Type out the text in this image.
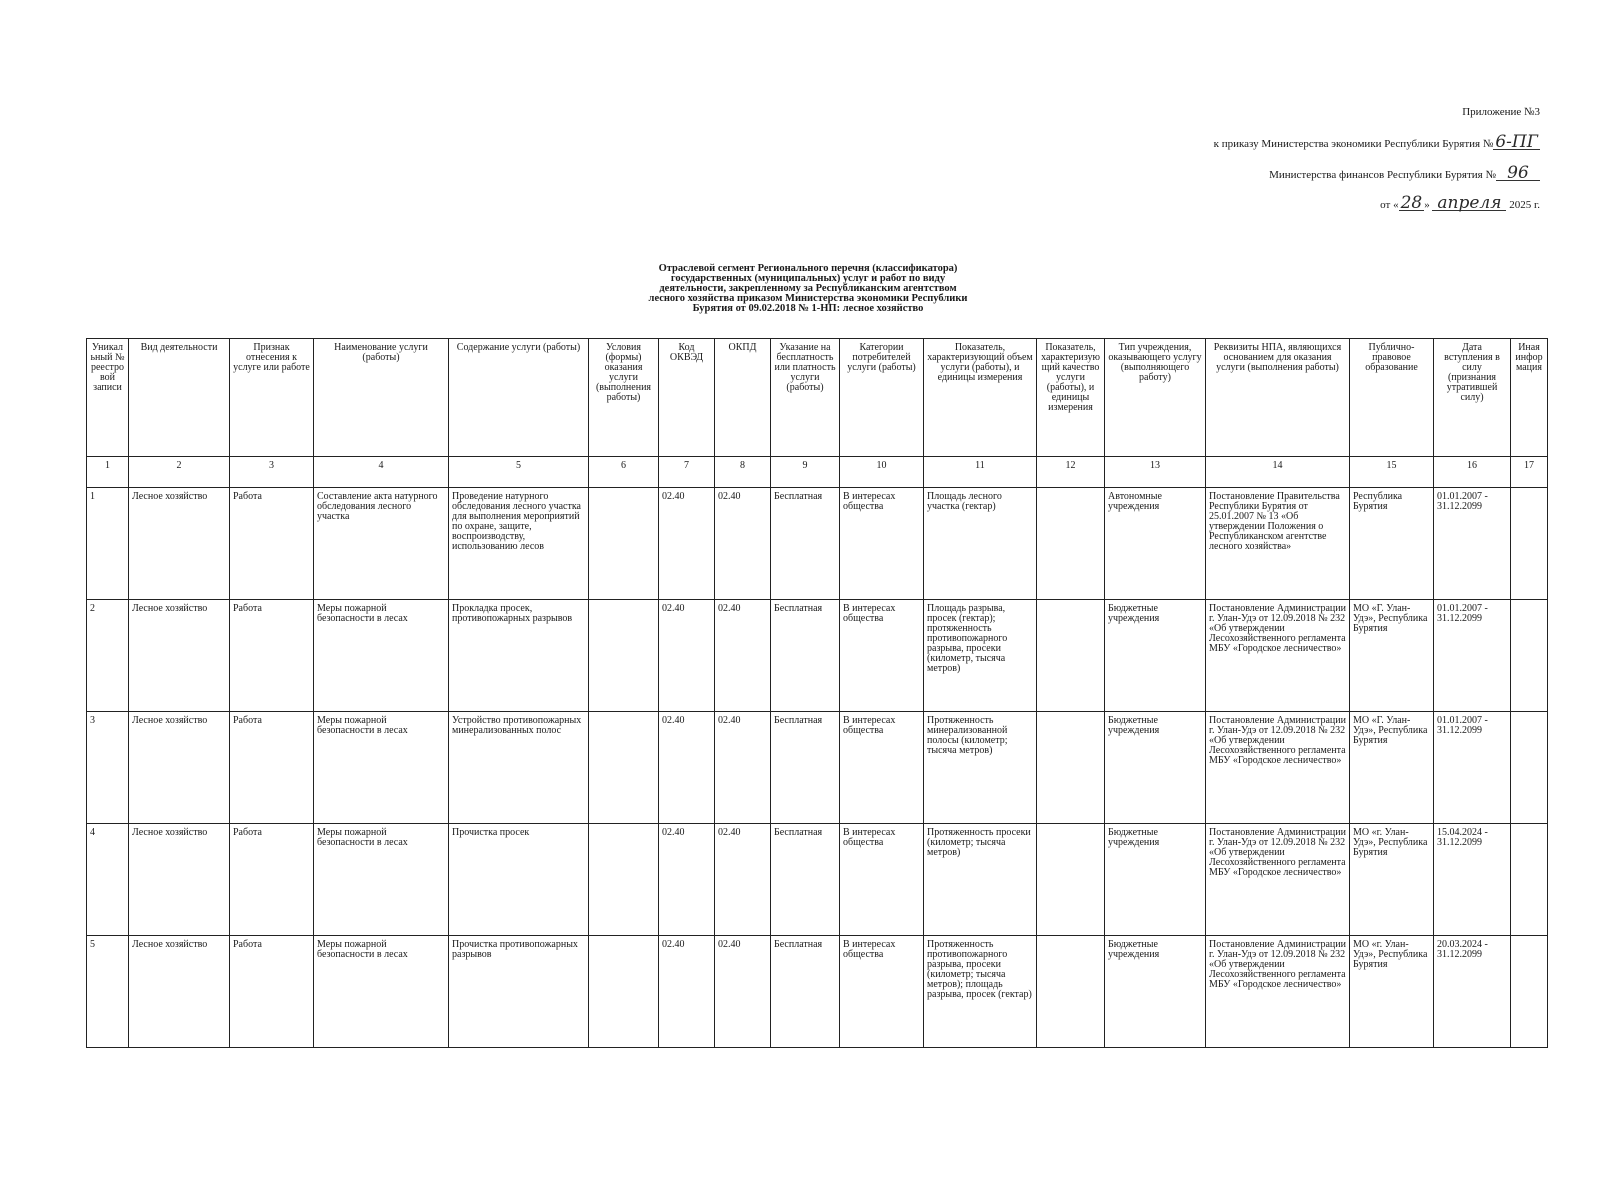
Приложение №3
к приказу Министерства экономики Республики Бурятия № 6-ПГ
Министерства финансов Республики Бурятия № 96
от « 28 » апреля 2025 г.
Отраслевой сегмент Регионального перечня (классификатора)
государственных (муниципальных) услуг и работ по виду
деятельности, закрепленному за Республиканским агентством
лесного хозяйства приказом Министерства экономики Республики
Бурятия от 09.02.2018 № 1-НП: лесное хозяйство
Уникальный № реестровой записи	Вид деятельности	Признак отнесения к услуге или работе	Наименование услуги (работы)	Содержание услуги (работы)	Условия (формы) оказания услуги (выполнения работы)	Код ОКВЭД	ОКПД	Указание на бесплатность или платность услуги (работы)	Категории потребителей услуги (работы)	Показатель, характеризующий объем услуги (работы), и единицы измерения	Показатель, характеризующий качество услуги (работы), и единицы измерения	Тип учреждения, оказывающего услугу (выполняющего работу)	Реквизиты НПА, являющихся основанием для оказания услуги (выполнения работы)	Публично-правовое образование	Дата вступления в силу (признания утратившей силу)	Иная информация
1	2	3	4	5	6	7	8	9	10	11	12	13	14	15	16	17
1	Лесное хозяйство	Работа	Составление акта натурного обследования лесного участка	Проведение натурного обследования лесного участка для выполнения мероприятий по охране, защите, воспроизводству, использованию лесов		02.40	02.40	Бесплатная	В интересах общества	Площадь лесного участка (гектар)		Автономные учреждения	Постановление Правительства Республики Бурятия от 25.01.2007 № 13 «Об утверждении Положения о Республиканском агентстве лесного хозяйства»	Республика Бурятия	01.01.2007 - 31.12.2099	
2	Лесное хозяйство	Работа	Меры пожарной безопасности в лесах	Прокладка просек, противопожарных разрывов		02.40	02.40	Бесплатная	В интересах общества	Площадь разрыва, просек (гектар); протяженность противопожарного разрыва, просеки (километр, тысяча метров)		Бюджетные учреждения	Постановление Администрации г. Улан-Удэ от 12.09.2018 № 232 «Об утверждении Лесохозяйственного регламента МБУ «Городское лесничество»	МО «Г. Улан-Удэ», Республика Бурятия	01.01.2007 - 31.12.2099	
3	Лесное хозяйство	Работа	Меры пожарной безопасности в лесах	Устройство противопожарных минерализованных полос		02.40	02.40	Бесплатная	В интересах общества	Протяженность минерализованной полосы (километр; тысяча метров)		Бюджетные учреждения	Постановление Администрации г. Улан-Удэ от 12.09.2018 № 232 «Об утверждении Лесохозяйственного регламента МБУ «Городское лесничество»	МО «Г. Улан-Удэ», Республика Бурятия	01.01.2007 - 31.12.2099	
4	Лесное хозяйство	Работа	Меры пожарной безопасности в лесах	Прочистка просек		02.40	02.40	Бесплатная	В интересах общества	Протяженность просеки (километр; тысяча метров)		Бюджетные учреждения	Постановление Администрации г. Улан-Удэ от 12.09.2018 № 232 «Об утверждении Лесохозяйственного регламента МБУ «Городское лесничество»	МО «г. Улан-Удэ», Республика Бурятия	15.04.2024 - 31.12.2099	
5	Лесное хозяйство	Работа	Меры пожарной безопасности в лесах	Прочистка противопожарных разрывов		02.40	02.40	Бесплатная	В интересах общества	Протяженность противопожарного разрыва, просеки (километр; тысяча метров); площадь разрыва, просек (гектар)		Бюджетные учреждения	Постановление Администрации г. Улан-Удэ от 12.09.2018 № 232 «Об утверждении Лесохозяйственного регламента МБУ «Городское лесничество»	МО «г. Улан-Удэ», Республика Бурятия	20.03.2024 - 31.12.2099	
